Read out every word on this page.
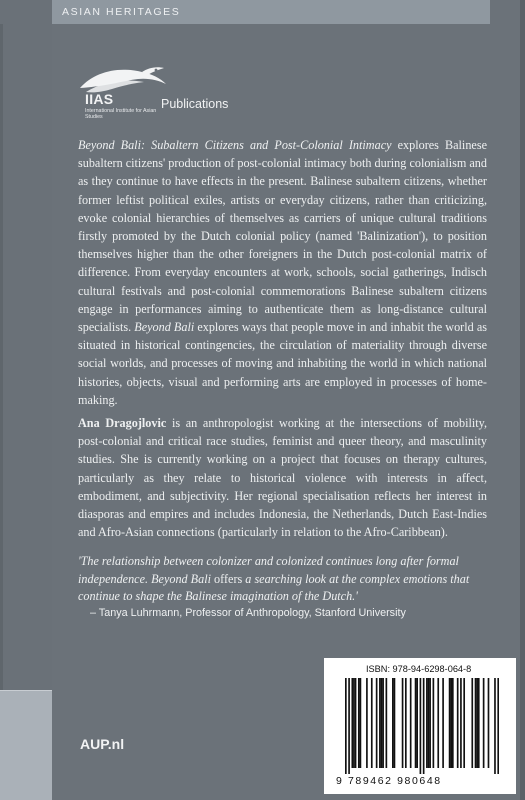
ASIAN HERITAGES
IIAS
International Institute for Asian Studies
Publications

Beyond Bali: Subaltern Citizens and Post-Colonial Intimacy explores Balinese subaltern citizens' production of post-colonial intimacy both during colonialism and as they continue to have effects in the present. Balinese subaltern citizens, whether former leftist political exiles, artists or everyday citizens, rather than criticizing, evoke colonial hierarchies of themselves as carriers of unique cultural traditions firstly promoted by the Dutch colonial policy (named 'Balinization'), to position themselves higher than the other foreigners in the Dutch post-colonial matrix of difference. From everyday encounters at work, schools, social gatherings, Indisch cultural festivals and post-colonial commemorations Balinese subaltern citizens engage in performances aiming to authenticate them as long-distance cultural specialists. Beyond Bali explores ways that people move in and inhabit the world as situated in historical contingencies, the circulation of materiality through diverse social worlds, and processes of moving and inhabiting the world in which national histories, objects, visual and performing arts are employed in processes of home-making.

Ana Dragojlovic is an anthropologist working at the intersections of mobility, post-colonial and critical race studies, feminist and queer theory, and masculinity studies. She is currently working on a project that focuses on therapy cultures, particularly as they relate to historical violence with interests in affect, embodiment, and subjectivity. Her regional specialisation reflects her interest in diasporas and empires and includes Indonesia, the Netherlands, Dutch East-Indies and Afro-Asian connections (particularly in relation to the Afro-Caribbean).

'The relationship between colonizer and colonized continues long after formal independence. Beyond Bali offers a searching look at the complex emotions that continue to shape the Balinese imagination of the Dutch.'

– Tanya Luhrmann, Professor of Anthropology, Stanford University
AUP.nl
ISBN: 978-94-6298-064-8
9 789462 980648
